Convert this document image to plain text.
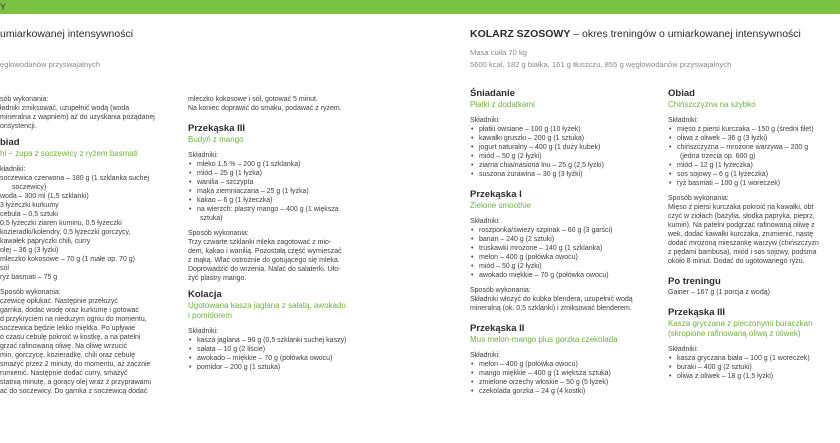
Y
umiarkowanej intensywności
ęglowodanów przyswajalnych

sób wykonania:

ładniki zmiksować, uzupełnić wodą (woda

mineralna z wapniem) aż do uzyskania pożądanej

onsystencji.

biad

hl – zupa z soczewicy z ryżem basmati

kładniki:

soczewica czerwona – 180 g (1 szklanka suchej

soczewicy)

woda – 300 ml (1,5 szklanki)

3 łyżeczki kurkumy

cebula – 0,5 sztuki

0,5 łyżeczki ziaren kuminu, 0,5 łyżeczki

kozieradki/kolendry, 0,5 łyżeczki gorczycy,

kawałek papryczki chili, curry

olej – 36 g (3 łyżki)

mleczko kokosowe – 70 g (1 małe op. 70 g)

sól

ryż basmati – 75 g

Sposób wykonania:

czewicę opłukać. Następnie przełożyć

garnka, dodać wodę oraz kurkumę i gotować

d przykryciem na niedużym ogniu do momentu,

soczewica będzie lekko miękka. Po upływie

o czasu cebulę pokroić w kostkę, a na patelni

grzać rafinowaną oliwę. Na oliwę wrzucić

min, gorczycę, kozieradkę, chili oraz cebulę

smażyć przez 2 minuty, do momentu, aż zacznie

rumienić. Następnie dodać curry, smażyć

statnią minutę, a gorący olej wraz z przyprawami

ać do soczewicy. Do garnka z soczewicą dodać

mleczko kokosowe i sól, gotować 5 minut.

Na koniec doprawić do smaku, podawać z ryżem.

Przekąska III

Budyń z mango

Składniki:

• mleko 1,5 % – 200 g (1 szklanka)

• miód – 25 g (1 łyżka)

• wanilia – szczypta

• mąka ziemniaczana – 25 g (1 łyżka)

• kakao – 6 g (1 łyżeczka)

• na wierzch: plastry mango – 400 g (1 większa

sztuka)

Sposób wykonania:

Trzy czwarte szklanki mleka zagotować z mio-

dem, kakao i wanilią. Pozostałą część wymieszać

z mąką. Wlać ostrożnie do gotującego się mleka.

Doprowadzić do wrzenia. Nalać do salaterki. Uło-

żyć plastry mango.

Kolacja

Ugotowana kasza jaglana z sałatą, awokado

i pomidorem

Składniki:

• kasza jaglana – 90 g (0,5 szklanki suchej kaszy)

• sałata – 10 g (2 liście)

• awokado – miękkie – 70 g (połówka owocu)

• pomidor – 200 g (1 sztuka)

KOLARZ SZOSOWY – okres treningów o umiarkowanej intensywności
Masa ciała 70 kg
5600 kcal, 182 g białka, 161 g tłuszczu, 855 g węglowodanów przyswajalnych

Śniadanie

Płatki z dodatkami

Składniki:

• płatki owsiane – 100 g (10 łyżek)

• kawałki gruszki – 200 g (1 sztuka)

• jogurt naturalny – 400 g (1 duży kubek)

• miód – 50 g (2 łyżki)

• ziarna chia/nasiona lnu – 25 g (2,5 łyżki)

• suszona żurawina – 30 g (3 łyżki)

Przekąska I

Zielone smoothie

Składniki:

• roszponka/świeży szpinak – 60 g (3 garści)

• banan – 240 g (2 sztuki)

• truskawki mrożone – 140 g (1 szklanka)

• melon – 400 g (połówka owocu)

• miód – 50 g (2 łyżki)

• awokado miękkie – 70 g (połówka owocu)

Sposób wykonania:

Składniki włożyć do kubka blendera, uzupełnić wodą

mineralną (ok. 0,5 szklanki) i zmiksować blenderem.

Przekąska II

Mus melon-mango plus gorzka czekolada

Składniki:

• melon – 400 g (połówka owocu)

• mango miękkie – 400 g (1 większa sztuka)

• zmielone orzechy włoskie – 50 g (5 łyżek)

• czekolada gorzka – 24 g (4 kostki)

Obiad

Chińszczyzna na szybko

Składniki:

• mięso z piersi kurczaka – 150 g (średni filet)

• oliwa z oliwek – 36 g (3 łyżki)

• chińszczyzna – mrożone warzywa – 200 g

(jedna trzecia op. 600 g)

• miód – 12 g (1 łyżeczka)

• sos sojowy – 6 g (1 łyżeczka)

• ryż basmati – 100 g (1 woreczek)

Sposób wykonania:

Mięso z piersi kurczaka pokroić na kawałki, obt

czyć w ziołach (bazylia, słodka papryka, pieprz,

kumin). Na patelni podgrzać rafinowaną oliwę z

wek, dodać kawałki kurczaka, zrumienić, nastę

dodać mrożoną mieszankę warzyw (chińszczyzn

z pędami bambusa), miód i sos sojowy, podsma

około 8 minut. Dodać do ugotowanego ryżu.

Po treningu

Gainer – 167 g (1 porcja z wodą)

Przekąska III

Kasza gryczana z pieczonymi buraczkan

(skropione rafinowaną oliwą z oliwek)

Składniki:

• kasza gryczana biała – 100 g (1 woreczek)

• buraki – 400 g (2 sztuki)

• oliwa z oliwek – 18 g (1,5 łyżki)
